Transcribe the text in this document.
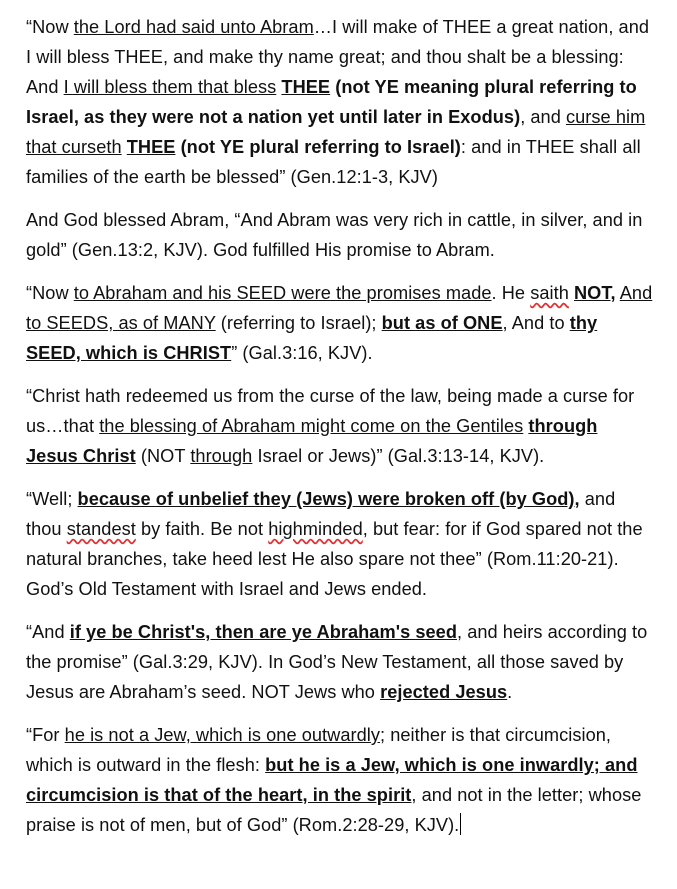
“Now the Lord had said unto Abram…I will make of THEE a great nation, and I will bless THEE, and make thy name great; and thou shalt be a blessing: And I will bless them that bless THEE (not YE meaning plural referring to Israel, as they were not a nation yet until later in Exodus), and curse him that curseth THEE (not YE plural referring to Israel): and in THEE shall all families of the earth be blessed” (Gen.12:1-3, KJV)

And God blessed Abram, “And Abram was very rich in cattle, in silver, and in gold” (Gen.13:2, KJV). God fulfilled His promise to Abram.

“Now to Abraham and his SEED were the promises made. He saith NOT, And to SEEDS, as of MANY (referring to Israel); but as of ONE, And to thy SEED, which is CHRIST” (Gal.3:16, KJV).

“Christ hath redeemed us from the curse of the law, being made a curse for us…that the blessing of Abraham might come on the Gentiles through Jesus Christ (NOT through Israel or Jews)” (Gal.3:13-14, KJV).

“Well; because of unbelief they (Jews) were broken off (by God), and thou standest by faith. Be not highminded, but fear: for if God spared not the natural branches, take heed lest He also spare not thee” (Rom.11:20-21). God’s Old Testament with Israel and Jews ended.

“And if ye be Christ's, then are ye Abraham's seed, and heirs according to the promise” (Gal.3:29, KJV). In God’s New Testament, all those saved by Jesus are Abraham’s seed. NOT Jews who rejected Jesus.

“For he is not a Jew, which is one outwardly; neither is that circumcision, which is outward in the flesh: but he is a Jew, which is one inwardly; and circumcision is that of the heart, in the spirit, and not in the letter; whose praise is not of men, but of God” (Rom.2:28-29, KJV).
